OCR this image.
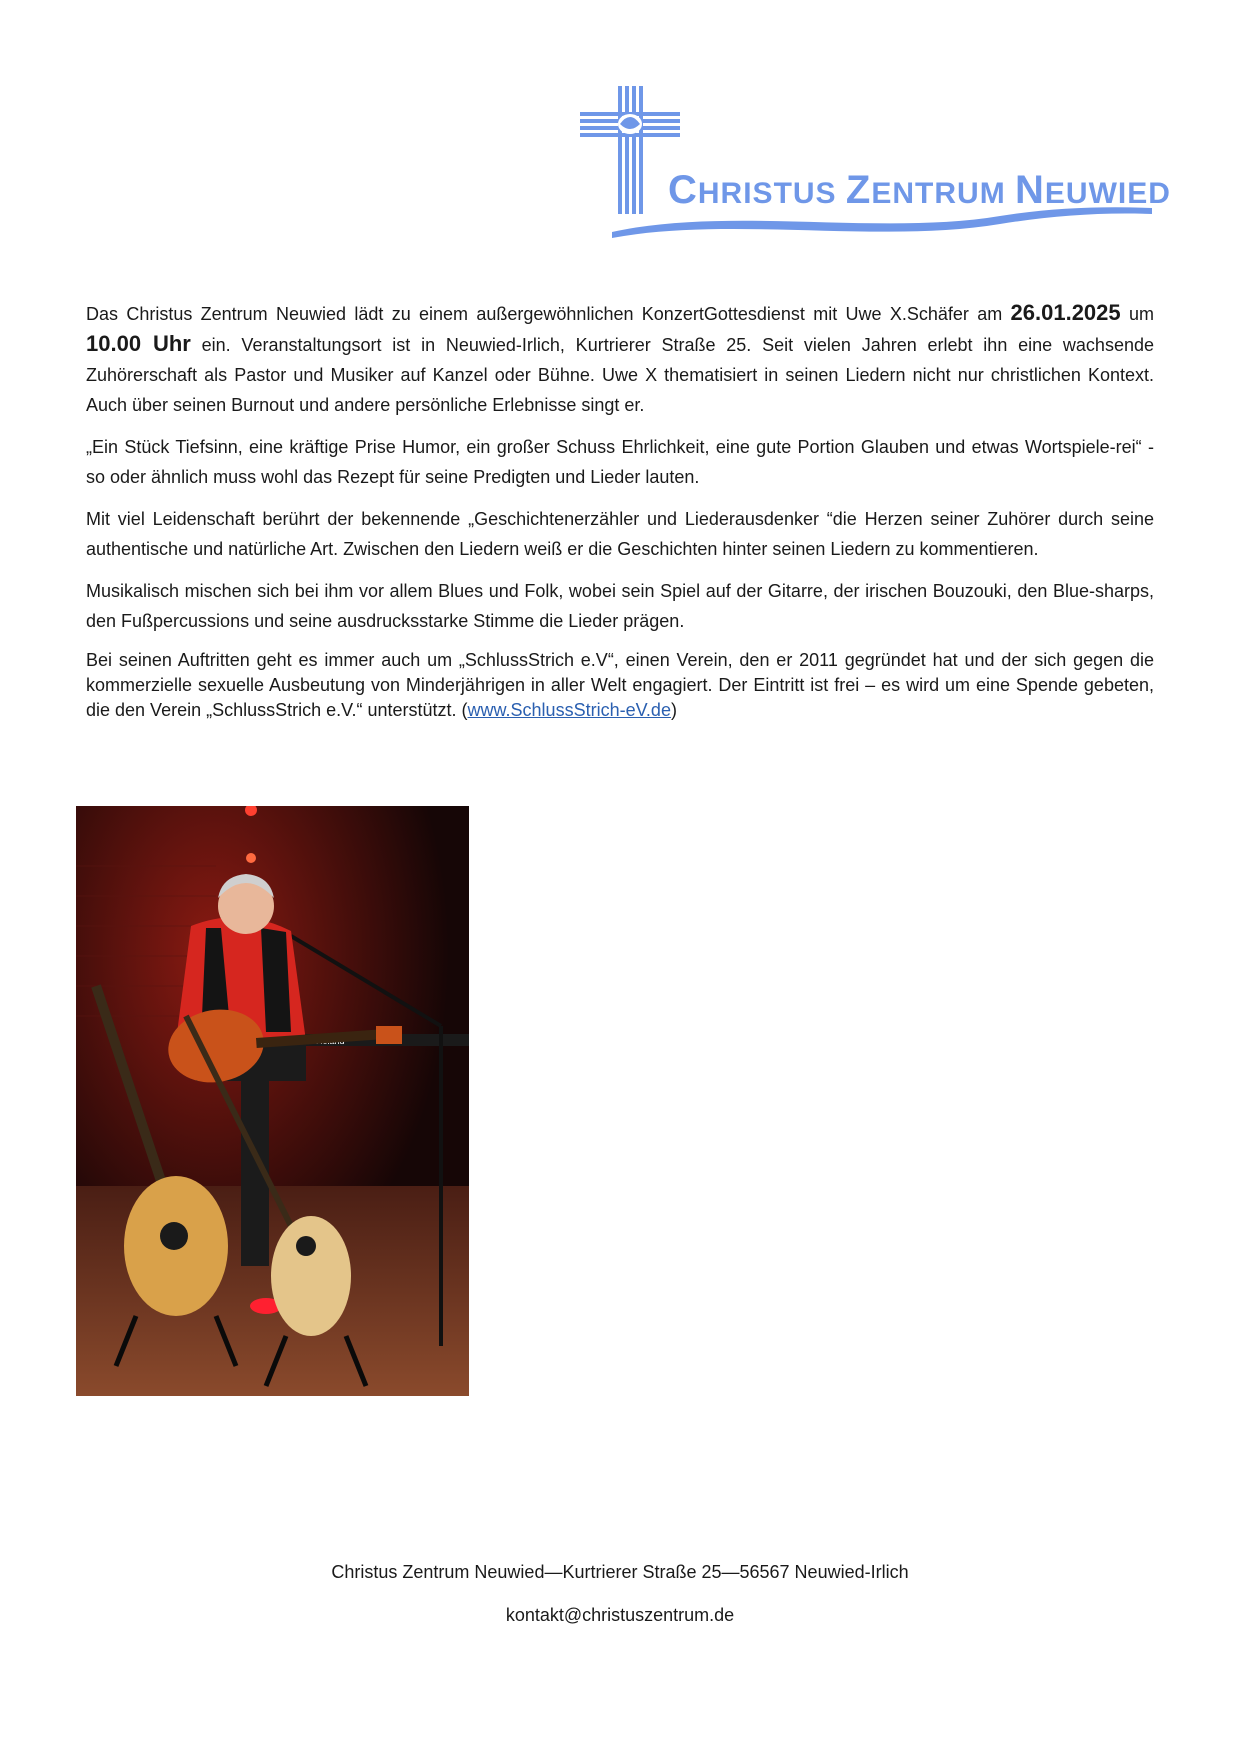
CHRISTUS ZENTRUM NEUWIED

Das Christus Zentrum Neuwied lädt zu einem außergewöhnlichen KonzertGottesdienst mit Uwe X.Schäfer am 26.01.2025 um 10.00 Uhr ein. Veranstaltungsort ist in Neuwied-Irlich, Kurtrierer Straße 25. Seit vielen Jahren erlebt ihn eine wachsende Zuhörerschaft als Pastor und Musiker auf Kanzel oder Bühne. Uwe X thematisiert in seinen Liedern nicht nur christlichen Kontext. Auch über seinen Burnout und andere persönliche Erlebnisse singt er.

„Ein Stück Tiefsinn, eine kräftige Prise Humor, ein großer Schuss Ehrlichkeit, eine gute Portion Glauben und etwas Wortspiele-rei“ - so oder ähnlich muss wohl das Rezept für seine Predigten und Lieder lauten.

Mit viel Leidenschaft berührt der bekennende „Geschichtenerzähler und Liederausdenker “die Herzen seiner Zuhörer durch seine authentische und natürliche Art. Zwischen den Liedern weiß er die Geschichten hinter seinen Liedern zu kommentieren.

Musikalisch mischen sich bei ihm vor allem Blues und Folk, wobei sein Spiel auf der Gitarre, der irischen Bouzouki, den Blue-sharps, den Fußpercussions und seine ausdrucksstarke Stimme die Lieder prägen.

Bei seinen Auftritten geht es immer auch um „SchlussStrich e.V“, einen Verein, den er 2011 gegründet hat und der sich gegen die kommerzielle sexuelle Ausbeutung von Minderjährigen in aller Welt engagiert. Der Eintritt ist frei – es wird um eine Spende gebeten, die den Verein „SchlussStrich e.V.“ unterstützt. (www.SchlussStrich-eV.de)

Christus Zentrum Neuwied—Kurtrierer Straße 25—56567 Neuwied-Irlich
kontakt@christuszentrum.de
